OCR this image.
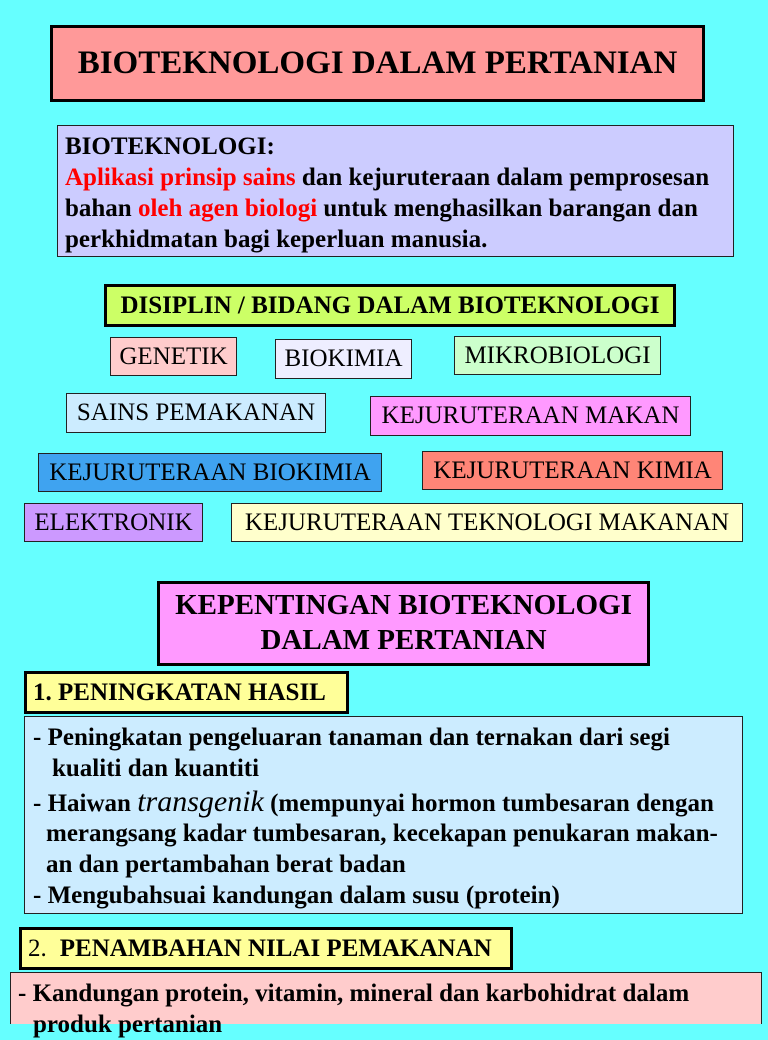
BIOTEKNOLOGI DALAM PERTANIAN
BIOTEKNOLOGI:
Aplikasi prinsip sains dan kejuruteraan dalam pemprosesan
bahan oleh agen biologi untuk menghasilkan barangan dan
perkhidmatan bagi keperluan manusia.
DISIPLIN / BIDANG DALAM BIOTEKNOLOGI
GENETIK	BIOKIMIA	MIKROBIOLOGI
SAINS PEMAKANAN	KEJURUTERAAN MAKAN
KEJURUTERAAN BIOKIMIA	KEJURUTERAAN KIMIA
ELEKTRONIK	KEJURUTERAAN TEKNOLOGI MAKANAN
KEPENTINGAN BIOTEKNOLOGI
DALAM PERTANIAN
1. PENINGKATAN HASIL
- Peningkatan pengeluaran tanaman dan ternakan dari segi
kualiti dan kuantiti
- Haiwan transgenik (mempunyai hormon tumbesaran dengan
merangsang kadar tumbesaran, kecekapan penukaran makan-
an dan pertambahan berat badan
- Mengubahsuai kandungan dalam susu (protein)
2. PENAMBAHAN NILAI PEMAKANAN
- Kandungan protein, vitamin, mineral dan karbohidrat dalam
produk pertanian
